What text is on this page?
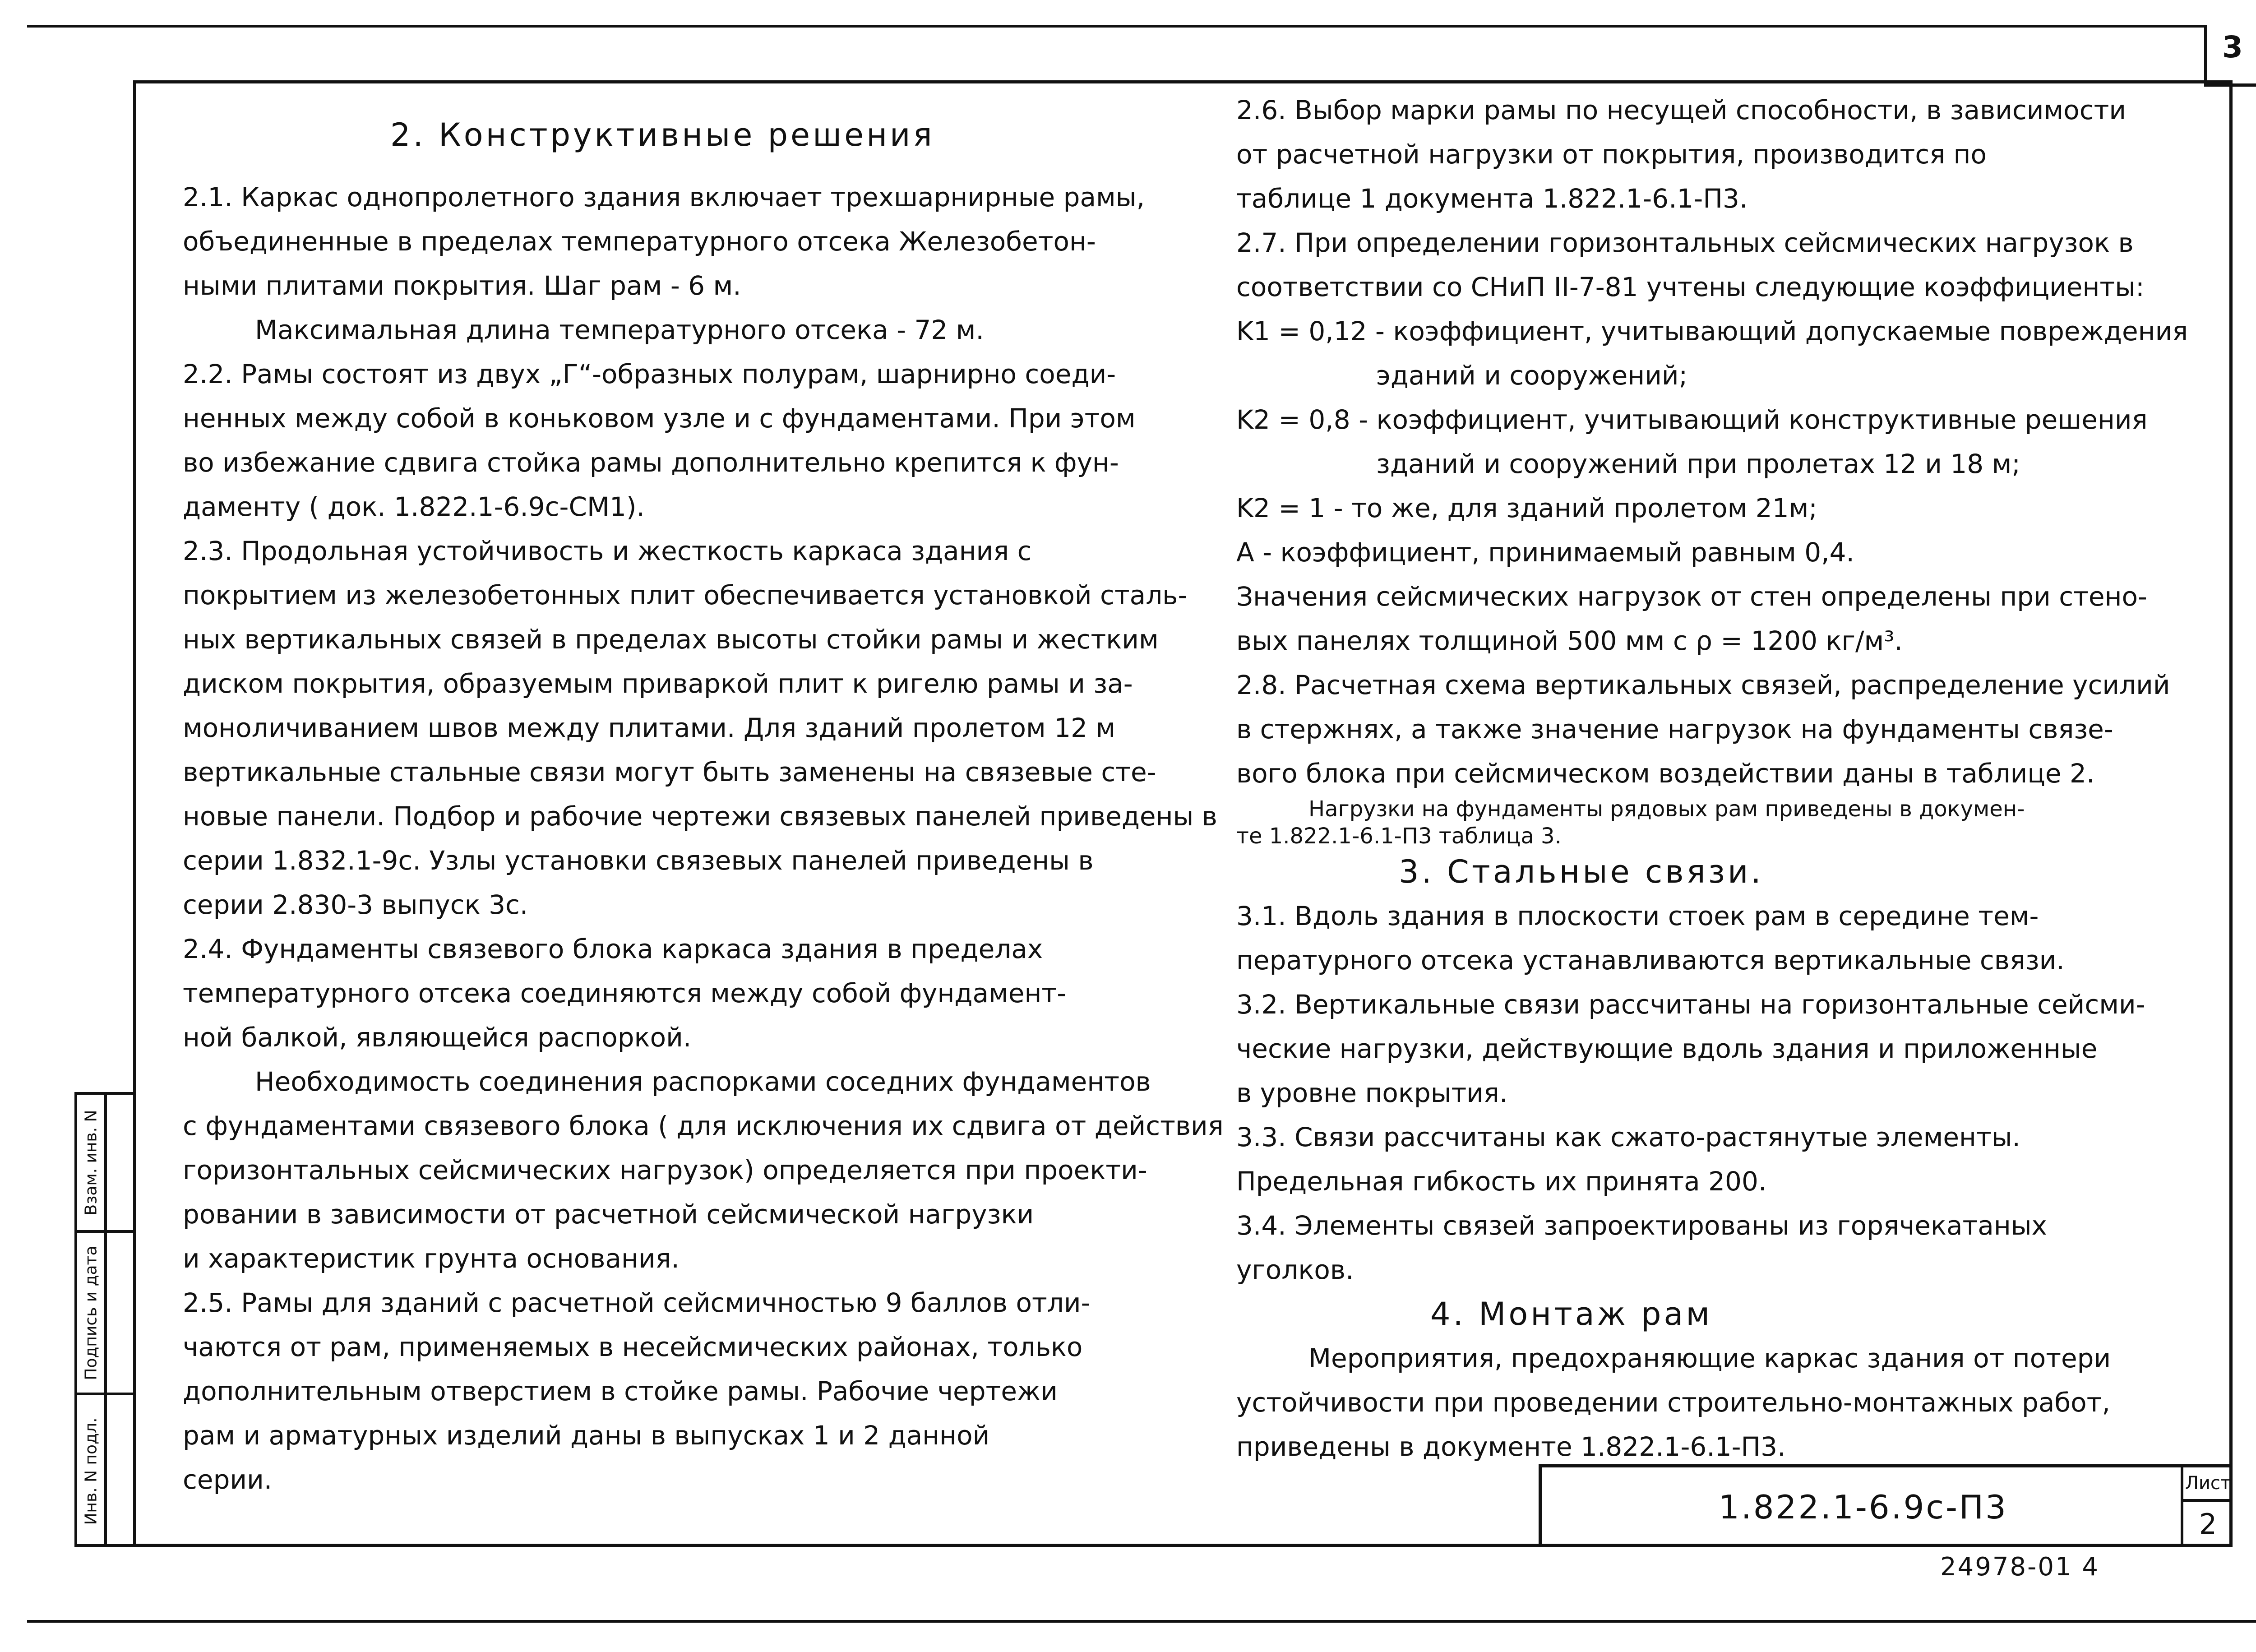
3
Взам. инв. N
Подпись и дата
Инв. N подл.

2. Конструктивные решения

2.1. Каркас однопролетного здания включает трехшарнирные рамы,

объединенные в пределах температурного отсека Железобетон-

ными плитами покрытия. Шаг рам - 6 м.

Максимальная длина температурного отсека - 72 м.

2.2. Рамы состоят из двух „Г“-образных полурам, шарнирно соеди-

ненных между собой в коньковом узле и с фундаментами. При этом

во избежание сдвига стойка рамы дополнительно крепится к фун-

даменту ( док. 1.822.1-6.9с-СМ1).

2.3. Продольная устойчивость и жесткость каркаса здания с

покрытием из железобетонных плит обеспечивается установкой сталь-

ных вертикальных связей в пределах высоты стойки рамы и жестким

диском покрытия, образуемым приваркой плит к ригелю рамы и за-

моноличиванием швов между плитами. Для зданий пролетом 12 м

вертикальные стальные связи могут быть заменены на связевые сте-

новые панели. Подбор и рабочие чертежи связевых панелей приведены в

серии 1.832.1-9с. Узлы установки связевых панелей приведены в

серии 2.830-3 выпуск 3с.

2.4. Фундаменты связевого блока каркаса здания в пределах

температурного отсека соединяются между собой фундамент-

ной балкой, являющейся распоркой.

Необходимость соединения распорками соседних фундаментов

с фундаментами связевого блока ( для исключения их сдвига от действия

горизонтальных сейсмических нагрузок) определяется при проекти-

ровании в зависимости от расчетной сейсмической нагрузки

и характеристик грунта основания.

2.5. Рамы для зданий с расчетной сейсмичностью 9 баллов отли-

чаются от рам, применяемых в несейсмических районах, только

дополнительным отверстием в стойке рамы. Рабочие чертежи

рам и арматурных изделий даны в выпусках 1 и 2 данной

серии.

2.6. Выбор марки рамы по несущей способности, в зависимости

от расчетной нагрузки от покрытия, производится по

таблице 1 документа 1.822.1-6.1-П3.

2.7. При определении горизонтальных сейсмических нагрузок в

соответствии со СНиП II-7-81 учтены следующие коэффициенты:

K1 = 0,12 - коэффициент, учитывающий допускаемые повреждения

эданий и сооружений;

K2 = 0,8 - коэффициент, учитывающий конструктивные решения

зданий и сооружений при пролетах 12 и 18 м;

K2 = 1 - то же, для зданий пролетом 21м;

A - коэффициент, принимаемый равным 0,4.

Значения сейсмических нагрузок от стен определены при стено-

вых панелях толщиной 500 мм с ρ = 1200 кг/м³.

2.8. Расчетная схема вертикальных связей, распределение усилий

в стержнях, а также значение нагрузок на фундаменты связе-

вого блока при сейсмическом воздействии даны в таблице 2.

Нагрузки на фундаменты рядовых рам приведены в докумен-

те 1.822.1-6.1-П3 таблица 3.

3. Стальные связи.

3.1. Вдоль здания в плоскости стоек рам в середине тем-

пературного отсека устанавливаются вертикальные связи.

3.2. Вертикальные связи рассчитаны на горизонтальные сейсми-

ческие нагрузки, действующие вдоль здания и приложенные

в уровне покрытия.

3.3. Связи рассчитаны как сжато-растянутые элементы.

Предельная гибкость их принята 200.

3.4. Элементы связей запроектированы из горячекатаных

уголков.

4. Монтаж рам

Мероприятия, предохраняющие каркас здания от потери

устойчивости при проведении строительно-монтажных работ,

приведены в документе 1.822.1-6.1-П3.

1.822.1-6.9с-П3
Лист
2
24978-01 4
